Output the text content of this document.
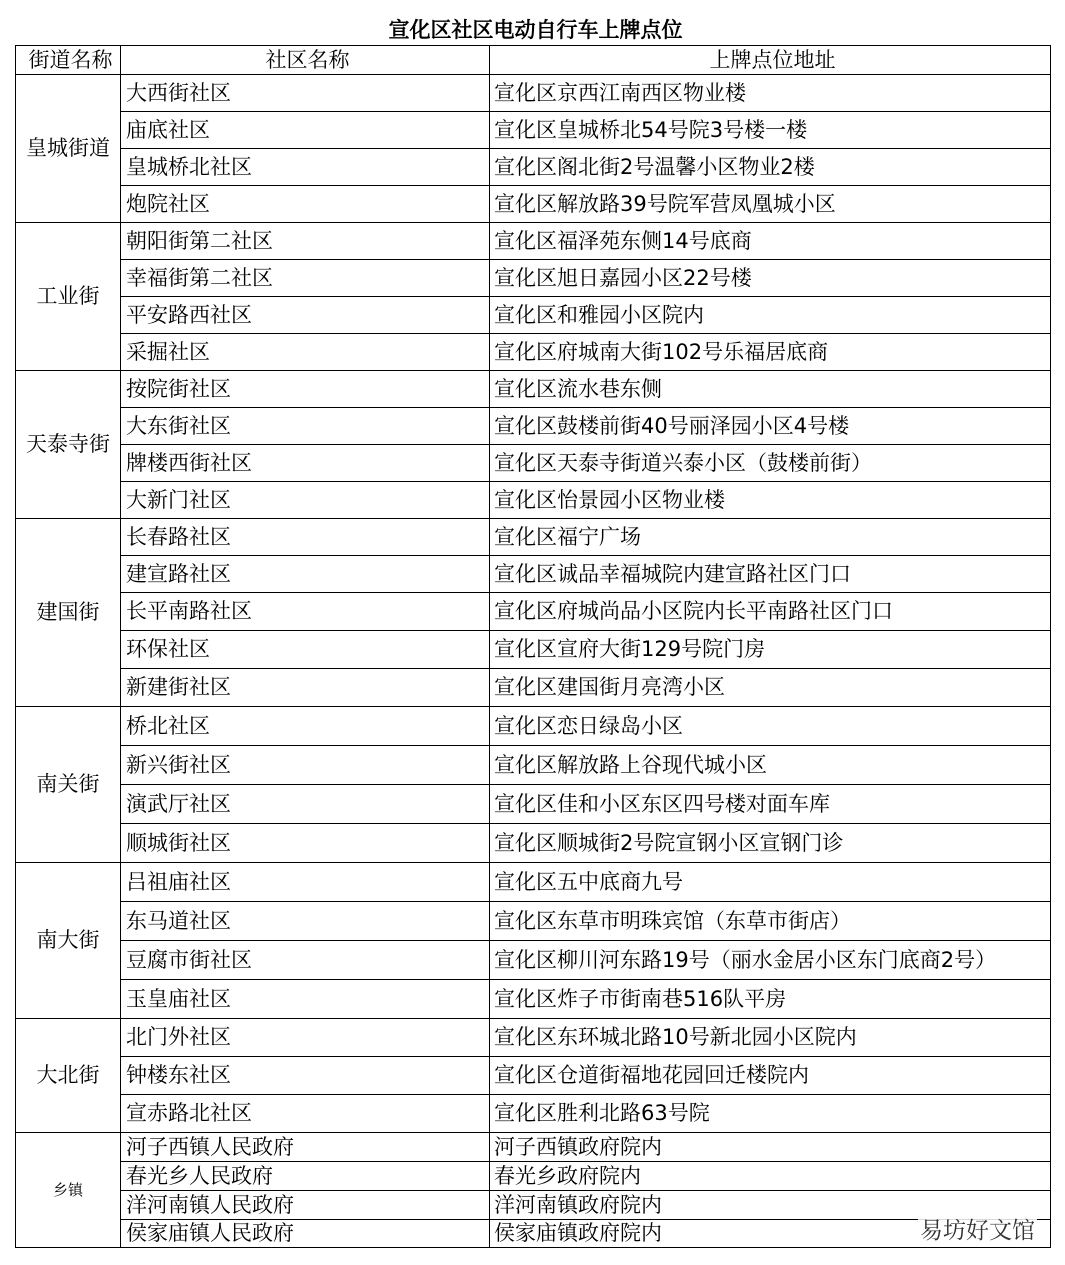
宣化区社区电动自行车上牌点位		
街道名称	社区名称	上牌点位地址
皇城街道	大西街社区	宣化区京西江南西区物业楼
	庙底社区	宣化区皇城桥北54号院3号楼一楼
	皇城桥北社区	宣化区阁北街2号温馨小区物业2楼
	炮院社区	宣化区解放路39号院军营凤凰城小区
工业街	朝阳街第二社区	宣化区福泽苑东侧14号底商
	幸福街第二社区	宣化区旭日嘉园小区22号楼
	平安路西社区	宣化区和雅园小区院内
	采掘社区	宣化区府城南大街102号乐福居底商
天泰寺街	按院街社区	宣化区流水巷东侧
	大东街社区	宣化区鼓楼前街40号丽泽园小区4号楼
	牌楼西街社区	宣化区天泰寺街道兴泰小区（鼓楼前街）
	大新门社区	宣化区怡景园小区物业楼
建国街	长春路社区	宣化区福宁广场
	建宣路社区	宣化区诚品幸福城院内建宣路社区门口
	长平南路社区	宣化区府城尚品小区院内长平南路社区门口
	环保社区	宣化区宣府大街129号院门房
	新建街社区	宣化区建国街月亮湾小区
南关街	桥北社区	宣化区恋日绿岛小区
	新兴街社区	宣化区解放路上谷现代城小区
	演武厅社区	宣化区佳和小区东区四号楼对面车库
	顺城街社区	宣化区顺城街2号院宣钢小区宣钢门诊
南大街	吕祖庙社区	宣化区五中底商九号
	东马道社区	宣化区东草市明珠宾馆（东草市街店）
	豆腐市街社区	宣化区柳川河东路19号（丽水金居小区东门底商2号）
	玉皇庙社区	宣化区炸子市街南巷516队平房
大北街	北门外社区	宣化区东环城北路10号新北园小区院内
	钟楼东社区	宣化区仓道街福地花园回迁楼院内
	宣赤路北社区	宣化区胜利北路63号院
乡镇	河子西镇人民政府	河子西镇政府院内
	春光乡人民政府	春光乡政府院内
	洋河南镇人民政府	洋河南镇政府院内
	侯家庙镇人民政府	侯家庙镇政府院内	易坊好文馆
